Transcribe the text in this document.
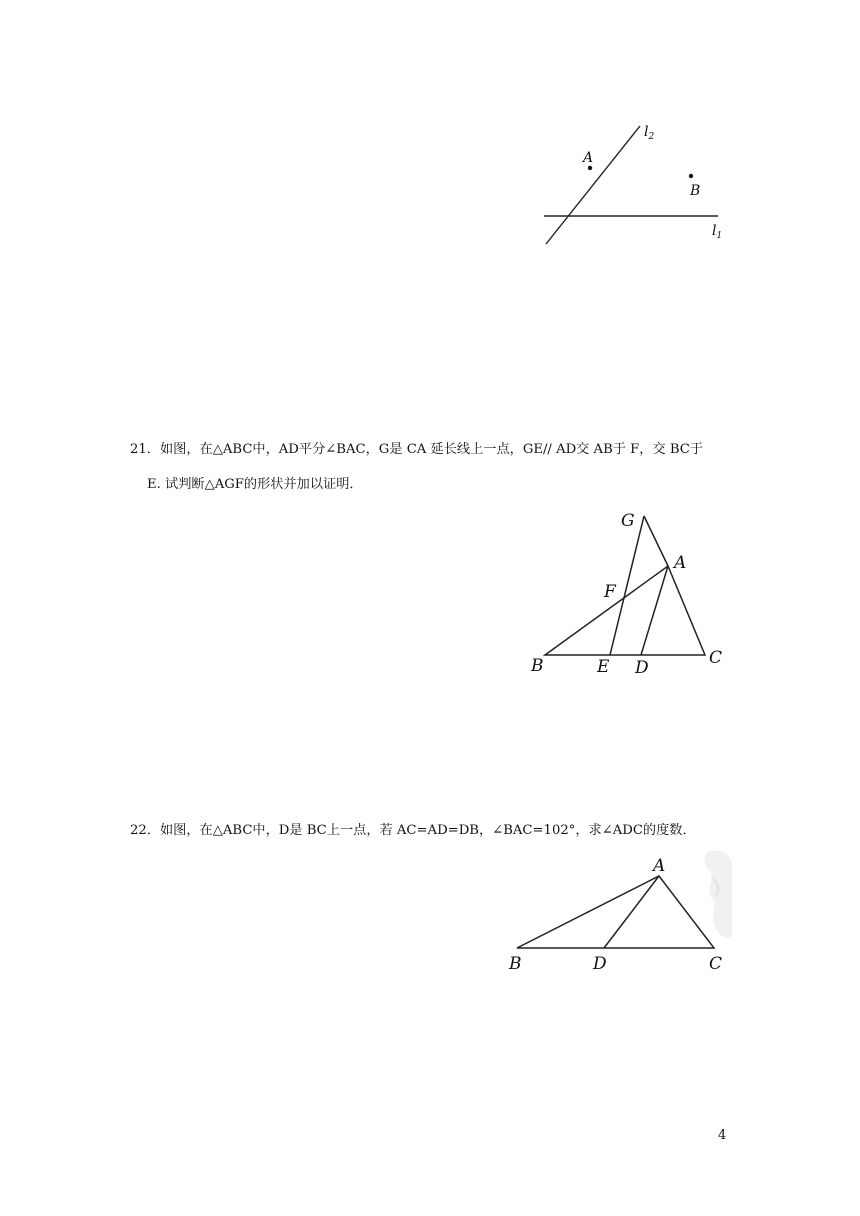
A
B
$l_2$
$l_1$
21．如图，在△ABC中，AD平分∠BAC，G是 CA 延长线上一点，GE// AD交 AB于 F，交 BC于
E. 试判断△AGF的形状并加以证明．
G
A
F
B	E D	C
22．如图，在△ABC中，D是 BC上一点，若 AC=AD=DB，∠BAC=102°，求∠ADC的度数．
A
B	D	C
4
